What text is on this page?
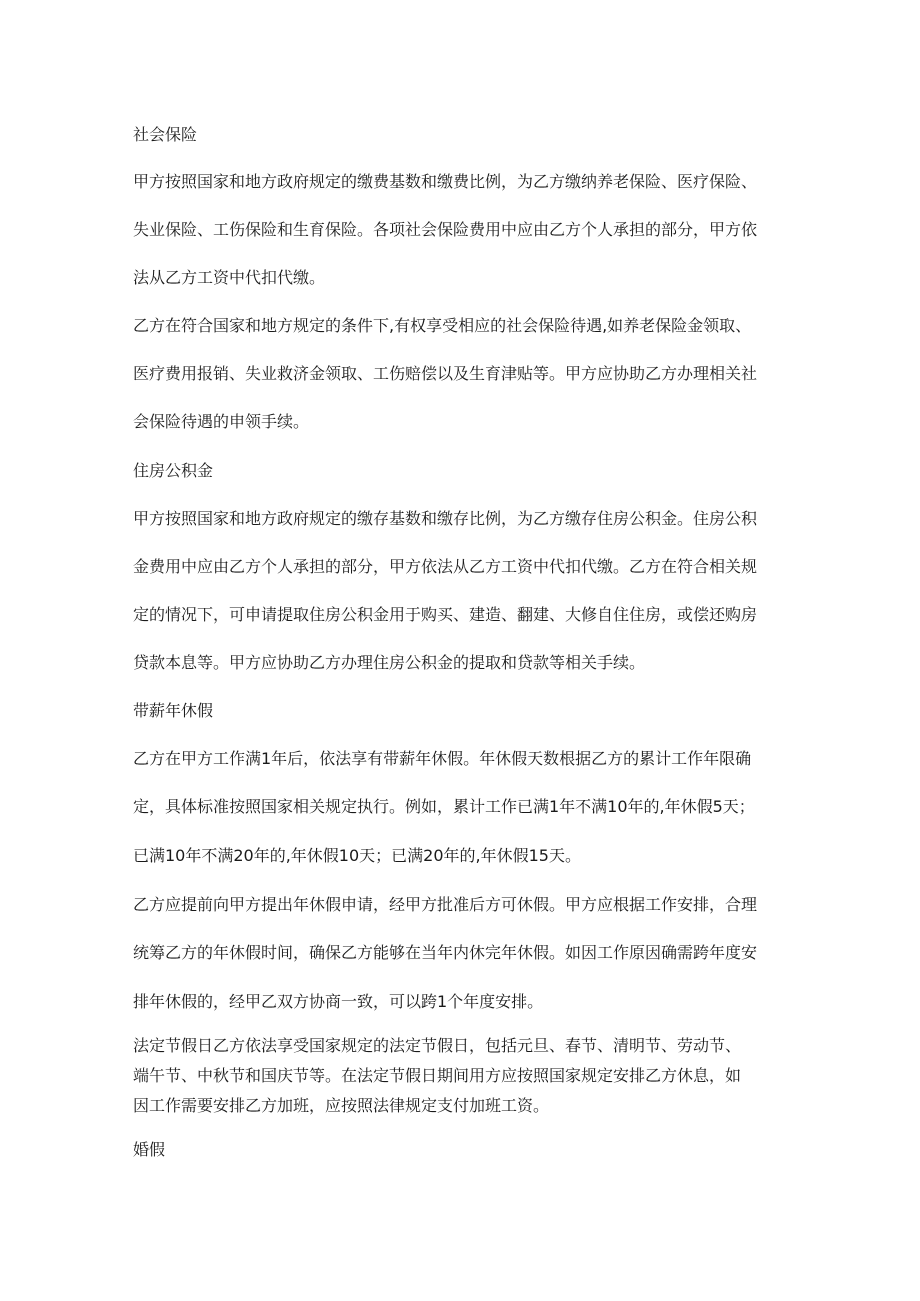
社会保险
甲方按照国家和地方政府规定的缴费基数和缴费比例，为乙方缴纳养老保险、医疗保险、
失业保险、工伤保险和生育保险。各项社会保险费用中应由乙方个人承担的部分，甲方依
法从乙方工资中代扣代缴。
乙方在符合国家和地方规定的条件下,有权享受相应的社会保险待遇,如养老保险金领取、
医疗费用报销、失业救济金领取、工伤赔偿以及生育津贴等。甲方应协助乙方办理相关社
会保险待遇的申领手续。
住房公积金
甲方按照国家和地方政府规定的缴存基数和缴存比例，为乙方缴存住房公积金。住房公积
金费用中应由乙方个人承担的部分，甲方依法从乙方工资中代扣代缴。乙方在符合相关规
定的情况下，可申请提取住房公积金用于购买、建造、翻建、大修自住住房，或偿还购房
贷款本息等。甲方应协助乙方办理住房公积金的提取和贷款等相关手续。
带薪年休假
乙方在甲方工作满1年后，依法享有带薪年休假。年休假天数根据乙方的累计工作年限确
定，具体标准按照国家相关规定执行。例如，累计工作已满1年不满10年的,年休假5天；
已满10年不满20年的,年休假10天；已满20年的,年休假15天。
乙方应提前向甲方提出年休假申请，经甲方批准后方可休假。甲方应根据工作安排，合理
统筹乙方的年休假时间，确保乙方能够在当年内休完年休假。如因工作原因确需跨年度安
排年休假的，经甲乙双方协商一致，可以跨1个年度安排。
法定节假日乙方依法享受国家规定的法定节假日，包括元旦、春节、清明节、劳动节、
端午节、中秋节和国庆节等。在法定节假日期间用方应按照国家规定安排乙方休息，如
因工作需要安排乙方加班，应按照法律规定支付加班工资。
婚假
